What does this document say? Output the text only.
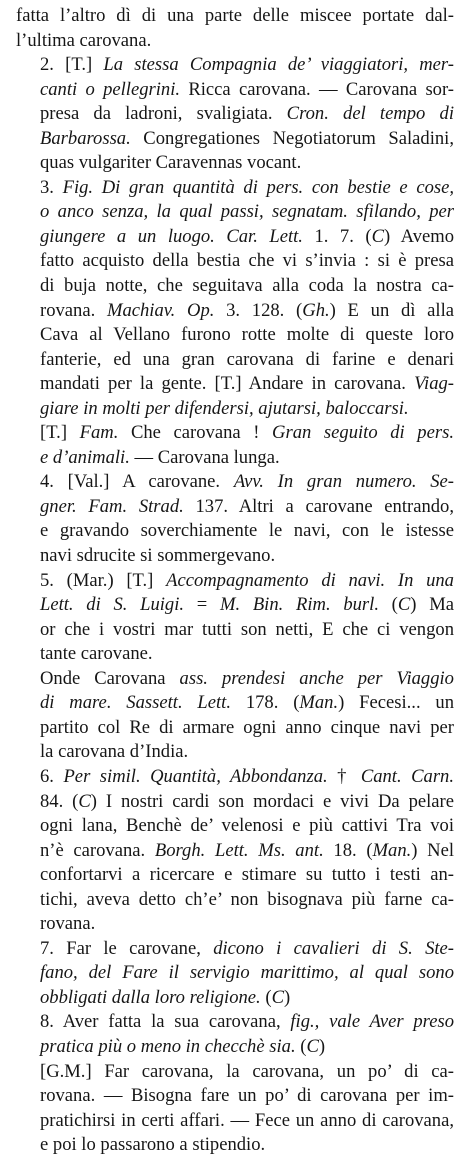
fatta l’altro dì di una parte delle miscee portate dal-
l’ultima carovana.
2. [T.] La stessa Compagnia de’ viaggiatori, mer-
canti o pellegrini. Ricca carovana. — Carovana sor-
presa da ladroni, svaligiata. Cron. del tempo di
Barbarossa. Congregationes Negotiatorum Saladini,
quas vulgariter Caravennas vocant.
3. Fig. Di gran quantità di pers. con bestie e cose,
o anco senza, la qual passi, segnatam. sfilando, per
giungere a un luogo. Car. Lett. 1. 7. (C) Avemo
fatto acquisto della bestia che vi s’invia : si è presa
di buja notte, che seguitava alla coda la nostra ca-
rovana. Machiav. Op. 3. 128. (Gh.) E un dì alla
Cava al Vellano furono rotte molte di queste loro
fanterie, ed una gran carovana di farine e denari
mandati per la gente. [T.] Andare in carovana. Viag-
giare in molti per difendersi, ajutarsi, baloccarsi.
[T.] Fam. Che carovana ! Gran seguito di pers.
e d’animali. — Carovana lunga.
4. [Val.] A carovane. Avv. In gran numero. Se-
gner. Fam. Strad. 137. Altri a carovane entrando,
e gravando soverchiamente le navi, con le istesse
navi sdrucite si sommergevano.
5. (Mar.) [T.] Accompagnamento di navi. In una
Lett. di S. Luigi. = M. Bin. Rim. burl. (C) Ma
or che i vostri mar tutti son netti, E che ci vengon
tante carovane.
Onde Carovana ass. prendesi anche per Viaggio
di mare. Sassett. Lett. 178. (Man.) Fecesi... un
partito col Re di armare ogni anno cinque navi per
la carovana d’India.
6. Per simil. Quantità, Abbondanza. † Cant. Carn.
84. (C) I nostri cardi son mordaci e vivi Da pelare
ogni lana, Benchè de’ velenosi e più cattivi Tra voi
n’è carovana. Borgh. Lett. Ms. ant. 18. (Man.) Nel
confortarvi a ricercare e stimare su tutto i testi an-
tichi, aveva detto ch’e’ non bisognava più farne ca-
rovana.
7. Far le carovane, dicono i cavalieri di S. Ste-
fano, del Fare il servigio marittimo, al qual sono
obbligati dalla loro religione. (C)
8. Aver fatta la sua carovana, fig., vale Aver preso
pratica più o meno in checchè sia. (C)
[G.M.] Far carovana, la carovana, un po’ di ca-
rovana. — Bisogna fare un po’ di carovana per im-
pratichirsi in certi affari. — Fece un anno di carovana,
e poi lo passarono a stipendio.
